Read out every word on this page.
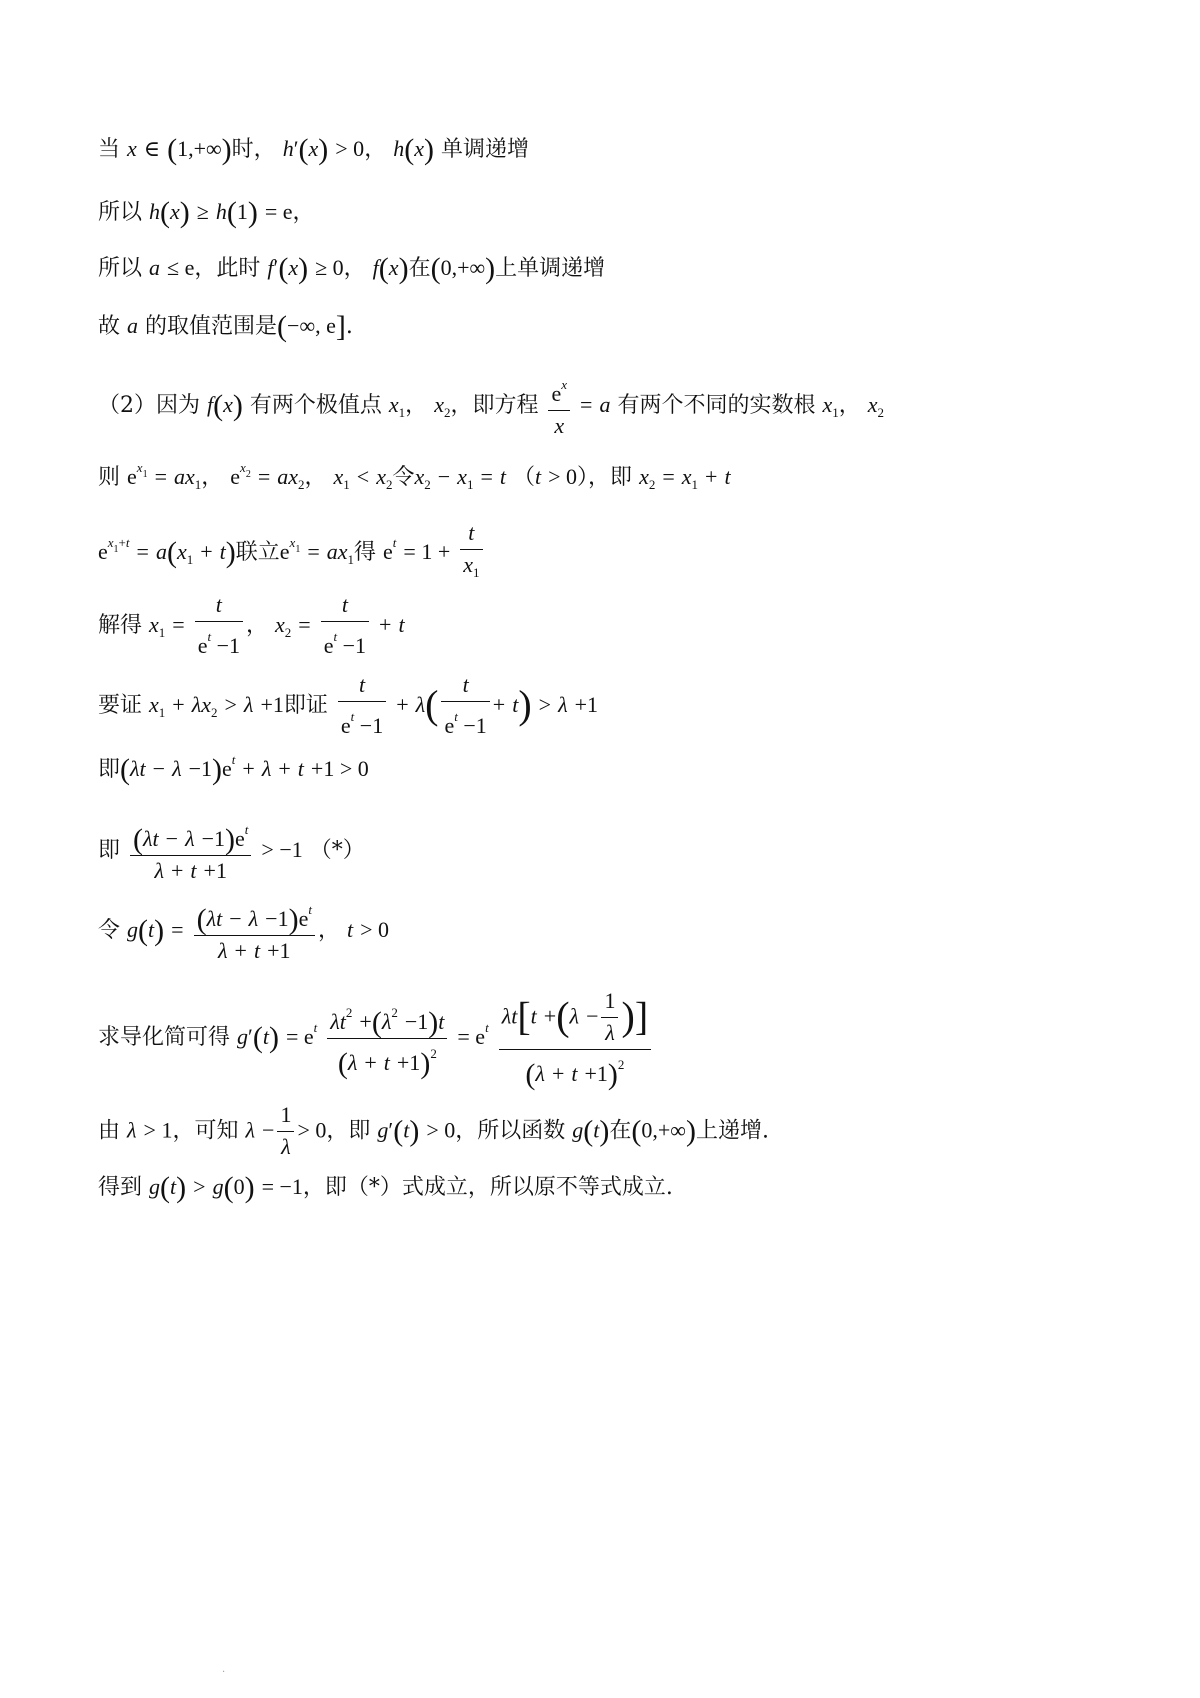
当 x ∈ (1,+∞)时， h′(x) > 0， h(x) 单调递增
所以 h(x) ≥ h(1) = e，
所以 a ≤ e，此时 f′(x) ≥ 0， f(x)在(0,+∞)上单调递增
故 a 的取值范围是(−∞, e].
（2）因为 f(x) 有两个极值点 $x_1$， $x_2$，即方程 $\frac{e^x}{x} = a$ 有两个不同的实数根 $x_1$， $x_2$
则 $e^{x_1} = ax_1$， $e^{x_2} = ax_2$， $x_1 < x_2$令$x_2 - x_1 = t$ （t > 0），即 $x_2 = x_1 + t$
$e^{x_1+t} = a(x_1 + t)$联立$e^{x_1} = ax_1$得 $e^t = 1 + \frac{t}{x_1}$
解得 $x_1 = \frac{t}{e^t -1}$ ， $x_2 = \frac{t}{e^t -1} + t$
要证 $x_1 + \lambda x_2 > \lambda +1$即证 $\frac{t}{e^t -1} + \lambda( \frac{t}{e^t -1} + t) > \lambda +1$
即$(\lambda t - \lambda -1)e^t + \lambda + t +1 > 0$
即 $\frac{(\lambda t - \lambda -1)e^t}{\lambda + t +1} > -1$ （*）
令 $g(t) = \frac{(\lambda t - \lambda -1)e^t}{\lambda + t +1}$ ， t > 0
求导化简可得 $g'(t) = e^t \frac{\lambda t^2 +(\lambda^2 -1)t}{(\lambda + t +1)^2} = e^t \frac{\lambda t[t +(\lambda - \frac{1}{\lambda} )]}{(\lambda + t +1)^2}$
由 λ > 1，可知 $\lambda - \frac{1}{\lambda} > 0$，即 g′(t) > 0，所以函数 g(t)在(0,+∞)上递增.
得到 g(t) > g(0) = −1，即（*）式成立，所以原不等式成立.
.
